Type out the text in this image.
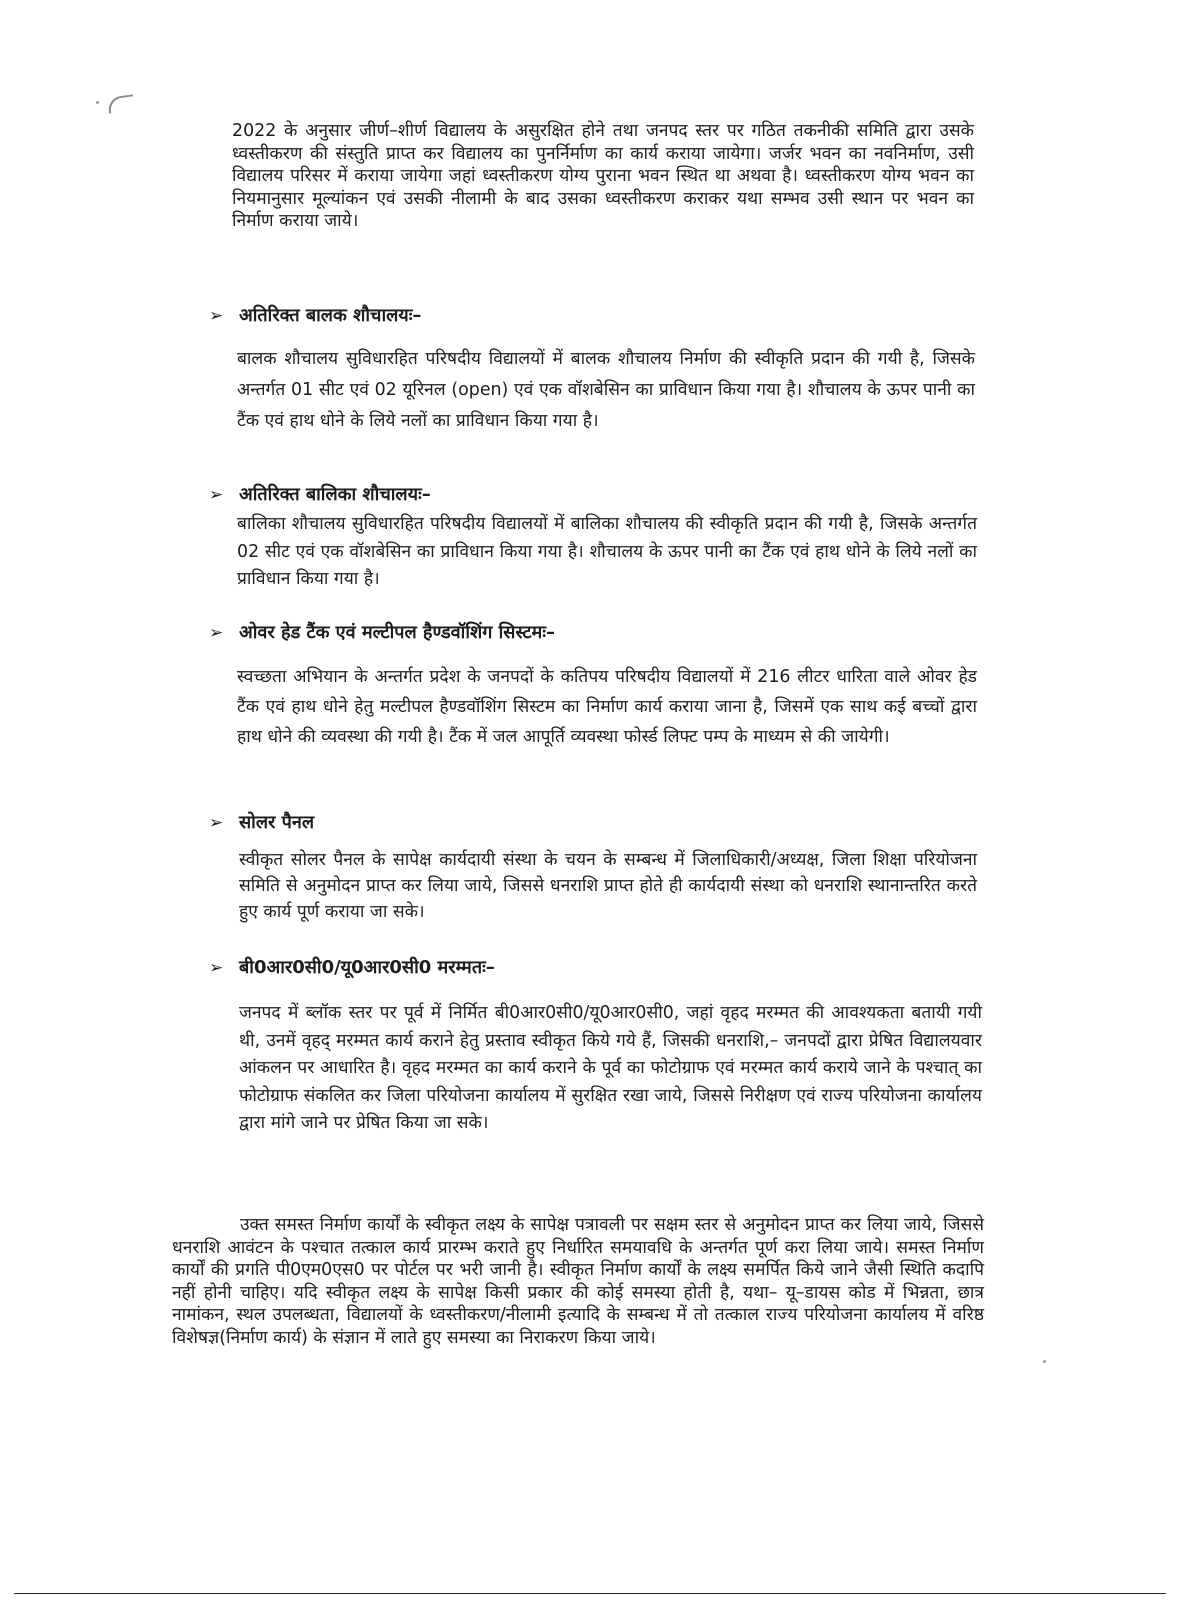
2022 के अनुसार जीर्ण–शीर्ण विद्यालय के असुरक्षित होने तथा जनपद स्तर पर गठित तकनीकी समिति द्वारा उसके ध्वस्तीकरण की संस्तुति प्राप्त कर विद्यालय का पुनर्निर्माण का कार्य कराया जायेगा। जर्जर भवन का नवनिर्माण, उसी विद्यालय परिसर में कराया जायेगा जहां ध्वस्तीकरण योग्य पुराना भवन स्थित था अथवा है। ध्वस्तीकरण योग्य भवन का नियमानुसार मूल्यांकन एवं उसकी नीलामी के बाद उसका ध्वस्तीकरण कराकर यथा सम्भव उसी स्थान पर भवन का निर्माण कराया जाये।

➢ अतिरिक्त बालक शौचालयः–

बालक शौचालय सुविधारहित परिषदीय विद्यालयों में बालक शौचालय निर्माण की स्वीकृति प्रदान की गयी है, जिसके अन्तर्गत 01 सीट एवं 02 यूरिनल (open) एवं एक वॉशबेसिन का प्राविधान किया गया है। शौचालय के ऊपर पानी का टैंक एवं हाथ धोने के लिये नलों का प्राविधान किया गया है।

➢ अतिरिक्त बालिका शौचालयः–

बालिका शौचालय सुविधारहित परिषदीय विद्यालयों में बालिका शौचालय की स्वीकृति प्रदान की गयी है, जिसके अन्तर्गत 02 सीट एवं एक वॉशबेसिन का प्राविधान किया गया है। शौचालय के ऊपर पानी का टैंक एवं हाथ धोने के लिये नलों का प्राविधान किया गया है।

➢ ओवर हेड टैंक एवं मल्टीपल हैण्डवॉशिंग सिस्टमः–

स्वच्छता अभियान के अन्तर्गत प्रदेश के जनपदों के कतिपय परिषदीय विद्यालयों में 216 लीटर धारिता वाले ओवर हेड टैंक एवं हाथ धोने हेतु मल्टीपल हैण्डवॉशिंग सिस्टम का निर्माण कार्य कराया जाना है, जिसमें एक साथ कई बच्चों द्वारा हाथ धोने की व्यवस्था की गयी है। टैंक में जल आपूर्ति व्यवस्था फोर्स्ड लिफ्ट पम्प के माध्यम से की जायेगी।

➢ सोलर पैनल

स्वीकृत सोलर पैनल के सापेक्ष कार्यदायी संस्था के चयन के सम्बन्ध में जिलाधिकारी/अध्यक्ष, जिला शिक्षा परियोजना समिति से अनुमोदन प्राप्त कर लिया जाये, जिससे धनराशि प्राप्त होते ही कार्यदायी संस्था को धनराशि स्थानान्तरित करते हुए कार्य पूर्ण कराया जा सके।

➢ बी0आर0सी0/यू0आर0सी0 मरम्मतः–

जनपद में ब्लॉक स्तर पर पूर्व में निर्मित बी0आर0सी0/यू0आर0सी0, जहां वृहद मरम्मत की आवश्यकता बतायी गयी थी, उनमें वृहद् मरम्मत कार्य कराने हेतु प्रस्ताव स्वीकृत किये गये हैं, जिसकी धनराशि,– जनपदों द्वारा प्रेषित विद्यालयवार आंकलन पर आधारित है। वृहद मरम्मत का कार्य कराने के पूर्व का फोटोग्राफ एवं मरम्मत कार्य कराये जाने के पश्चात् का फोटोग्राफ संकलित कर जिला परियोजना कार्यालय में सुरक्षित रखा जाये, जिससे निरीक्षण एवं राज्य परियोजना कार्यालय द्वारा मांगे जाने पर प्रेषित किया जा सके।

उक्त समस्त निर्माण कार्यों के स्वीकृत लक्ष्य के सापेक्ष पत्रावली पर सक्षम स्तर से अनुमोदन प्राप्त कर लिया जाये, जिससे धनराशि आवंटन के पश्चात तत्काल कार्य प्रारम्भ कराते हुए निर्धारित समयावधि के अन्तर्गत पूर्ण करा लिया जाये। समस्त निर्माण कार्यों की प्रगति पी0एम0एस0 पर पोर्टल पर भरी जानी है। स्वीकृत निर्माण कार्यों के लक्ष्य समर्पित किये जाने जैसी स्थिति कदापि नहीं होनी चाहिए। यदि स्वीकृत लक्ष्य के सापेक्ष किसी प्रकार की कोई समस्या होती है, यथा– यू–डायस कोड में भिन्नता, छात्र नामांकन, स्थल उपलब्धता, विद्यालयों के ध्वस्तीकरण/नीलामी इत्यादि के सम्बन्ध में तो तत्काल राज्य परियोजना कार्यालय में वरिष्ठ विशेषज्ञ(निर्माण कार्य) के संज्ञान में लाते हुए समस्या का निराकरण किया जाये।
